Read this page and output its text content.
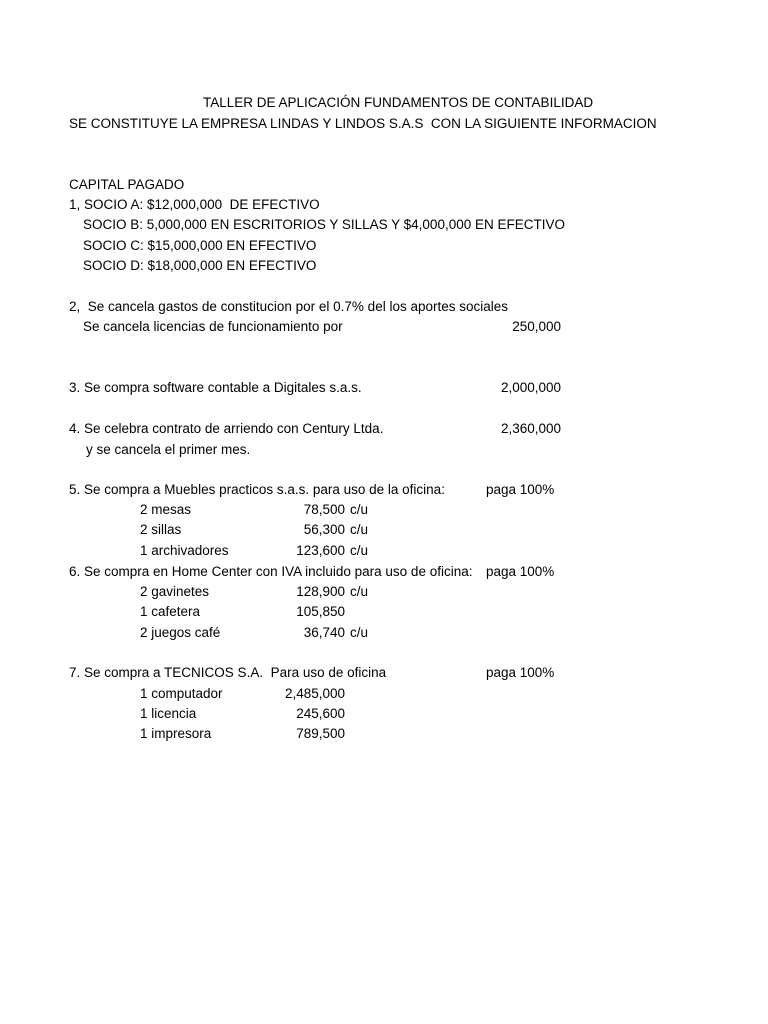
TALLER DE APLICACIÓN FUNDAMENTOS DE CONTABILIDAD
SE CONSTITUYE LA EMPRESA LINDAS Y LINDOS S.A.S  CON LA SIGUIENTE INFORMACION
CAPITAL PAGADO
1, SOCIO A: $12,000,000  DE EFECTIVO
SOCIO B: 5,000,000 EN ESCRITORIOS Y SILLAS Y $4,000,000 EN EFECTIVO
SOCIO C: $15,000,000 EN EFECTIVO
SOCIO D: $18,000,000 EN EFECTIVO
2,  Se cancela gastos de constitucion por el 0.7% del los aportes sociales
Se cancela licencias de funcionamiento por	250,000
3. Se compra software contable a Digitales s.a.s.	2,000,000
4. Se celebra contrato de arriendo con Century Ltda.	2,360,000
y se cancela el primer mes.
5. Se compra a Muebles practicos s.a.s. para uso de la oficina:	paga 100%
2 mesas	78,500 c/u
2 sillas	56,300 c/u
1 archivadores	123,600 c/u
6. Se compra en Home Center con IVA incluido para uso de oficina: paga 100%
2 gavinetes	128,900 c/u
1 cafetera	105,850
2 juegos café	36,740 c/u
7. Se compra a TECNICOS S.A.  Para uso de oficina	paga 100%
1 computador	2,485,000
1 licencia	245,600
1 impresora	789,500
